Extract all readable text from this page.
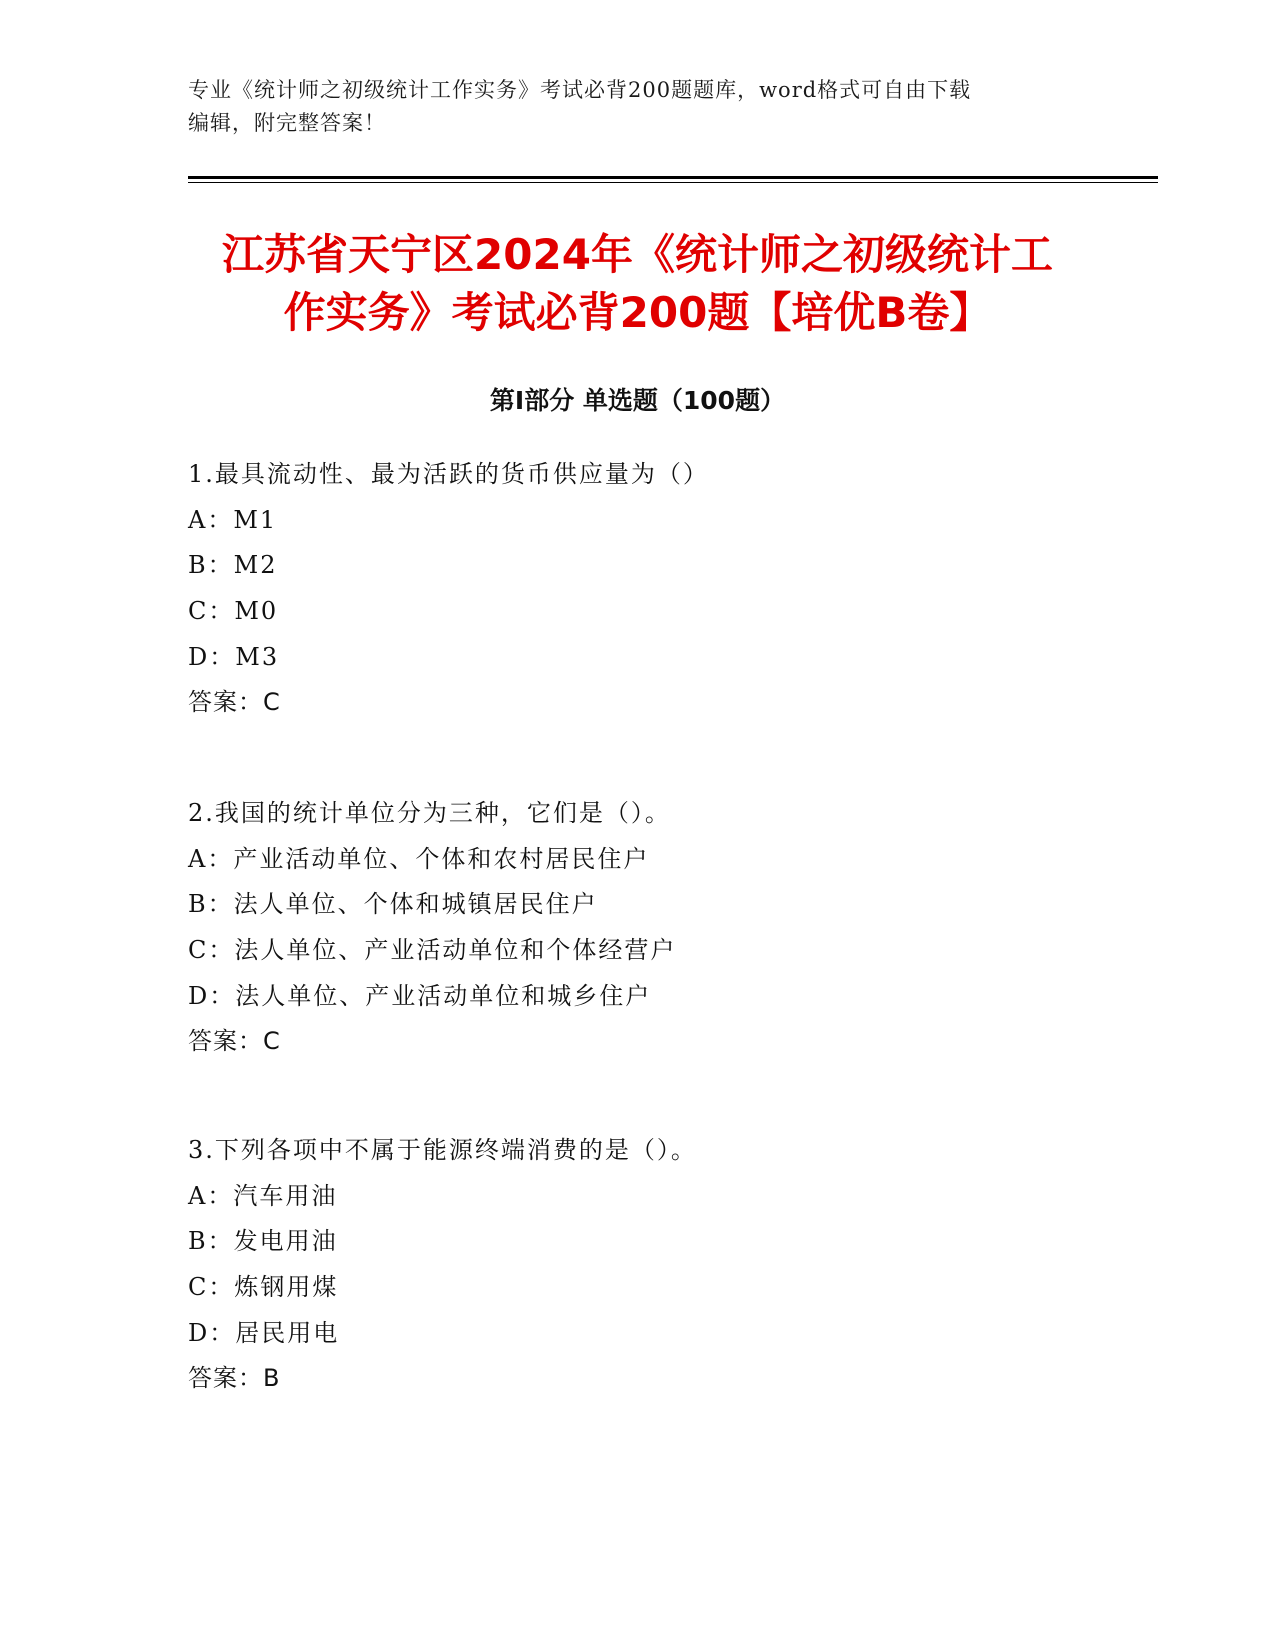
专业《统计师之初级统计工作实务》考试必背200题题库，word格式可自由下载
编辑，附完整答案！
江苏省天宁区2024年《统计师之初级统计工
作实务》考试必背200题【培优B卷】
第Ⅰ部分 单选题（100题）
1.最具流动性、最为活跃的货币供应量为（）
A：M1
B：M2
C：M0
D：M3
答案：C
2.我国的统计单位分为三种，它们是（）。
A：产业活动单位、个体和农村居民住户
B：法人单位、个体和城镇居民住户
C：法人单位、产业活动单位和个体经营户
D：法人单位、产业活动单位和城乡住户
答案：C
3.下列各项中不属于能源终端消费的是（）。
A：汽车用油
B：发电用油
C：炼钢用煤
D：居民用电
答案：B
